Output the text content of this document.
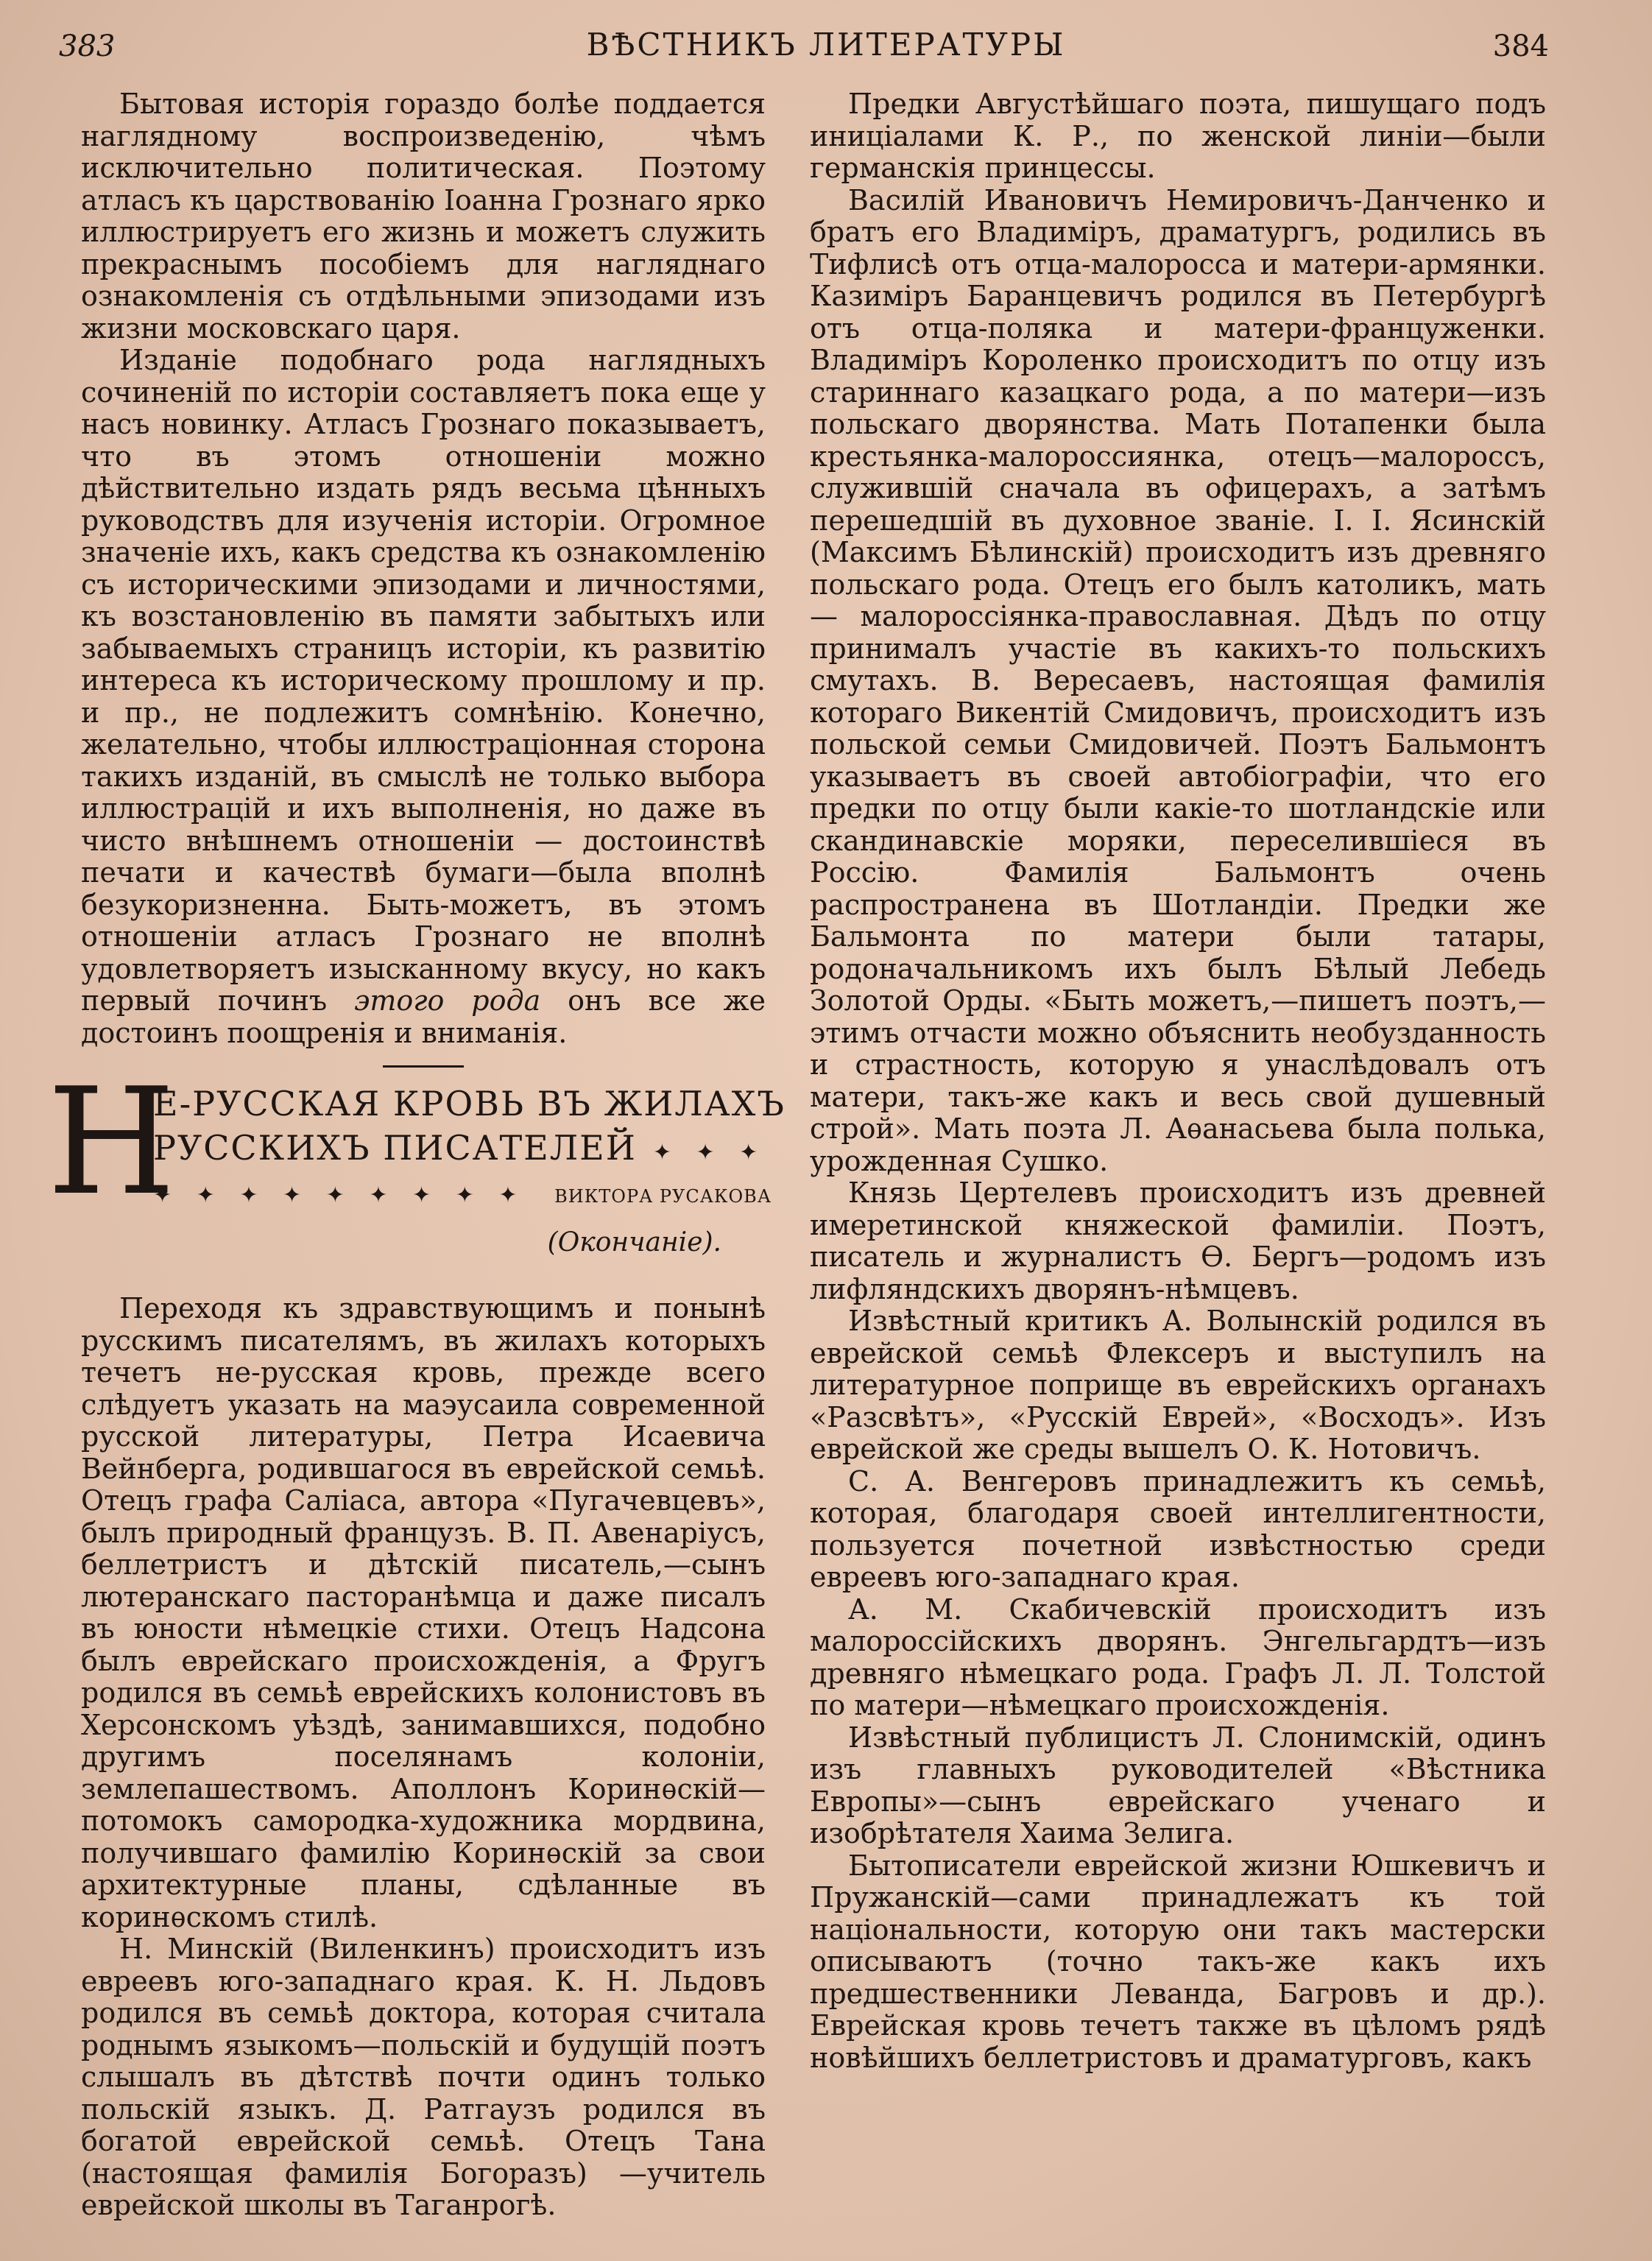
383	ВѢСТНИКЪ ЛИТЕРАТУРЫ	384

Бытовая исторія гораздо болѣе поддается наглядному воспроизведенію, чѣмъ исключительно политическая. Поэтому атласъ къ царствованію Іоанна Грознаго ярко иллюстрируетъ его жизнь и можетъ служить прекраснымъ пособіемъ для нагляднаго ознакомленія съ отдѣльными эпизодами изъ жизни московскаго царя.

Изданіе подобнаго рода наглядныхъ сочиненій по исторіи составляетъ пока еще у насъ новинку. Атласъ Грознаго показываетъ, что въ этомъ отношеніи можно дѣйствительно издать рядъ весьма цѣнныхъ руководствъ для изученія исторіи. Огромное значеніе ихъ, какъ средства къ ознакомленію съ историческими эпизодами и личностями, къ возстановленію въ памяти забытыхъ или забываемыхъ страницъ исторіи, къ развитію интереса къ историческому прошлому и пр. и пр., не подлежитъ сомнѣнію. Конечно, желательно, чтобы иллюстраціонная сторона такихъ изданій, въ смыслѣ не только выбора иллюстрацій и ихъ выполненія, но даже въ чисто внѣшнемъ отношеніи — достоинствѣ печати и качествѣ бумаги—была вполнѣ безукоризненна. Быть-можетъ, въ этомъ отношеніи атласъ Грознаго не вполнѣ удовлетворяетъ изысканному вкусу, но какъ первый починъ этого рода онъ все же достоинъ поощренія и вниманія.

Н
Е-РУССКАЯ КРОВЬ ВЪ ЖИЛАХЪ
РУССКИХЪ ПИСАТЕЛЕЙ ✦ ✦ ✦
✦ ✦ ✦ ✦ ✦ ✦ ✦ ✦ ✦	ВИКТОРА РУСАКОВА
(Окончаніе).

Переходя къ здравствующимъ и понынѣ русскимъ писателямъ, въ жилахъ которыхъ течетъ не-русская кровь, прежде всего слѣдуетъ указать на маэусаила современной русской литературы, Петра Исаевича Вейнберга, родившагося въ еврейской семьѣ. Отецъ графа Саліаса, автора «Пугачевцевъ», былъ природный французъ. В. П. Авенаріусъ, беллетристъ и дѣтскій писатель,—сынъ лютеранскаго пасторанѣмца и даже писалъ въ юности нѣмецкіе стихи. Отецъ Надсона былъ еврейскаго происхожденія, а Фругъ родился въ семьѣ еврейскихъ колонистовъ въ Херсонскомъ уѣздѣ, занимавшихся, подобно другимъ поселянамъ колоніи, землепашествомъ. Аполлонъ Коринѳскій—потомокъ самородка-художника мордвина, получившаго фамилію Коринѳскій за свои архитектурные планы, сдѣланные въ коринѳскомъ стилѣ.

Н. Минскій (Виленкинъ) происходитъ изъ евреевъ юго-западнаго края. К. Н. Льдовъ родился въ семьѣ доктора, которая считала роднымъ языкомъ—польскій и будущій поэтъ слышалъ въ дѣтствѣ почти одинъ только польскій языкъ. Д. Ратгаузъ родился въ богатой еврейской семьѣ. Отецъ Тана (настоящая фамилія Богоразъ) —учитель еврейской школы въ Таганрогѣ.

Предки Августѣйшаго поэта, пишущаго подъ иниціалами К. Р., по женской линіи—были германскія принцессы.

Василій Ивановичъ Немировичъ-Данченко и братъ его Владиміръ, драматургъ, родились въ Тифлисѣ отъ отца-малоросса и матери-армянки. Казиміръ Баранцевичъ родился въ Петербургѣ отъ отца-поляка и матери-француженки. Владиміръ Короленко происходитъ по отцу изъ стариннаго казацкаго рода, а по матери—изъ польскаго дворянства. Мать Потапенки была крестьянка-малороссиянка, отецъ—малороссъ, служившій сначала въ офицерахъ, а затѣмъ перешедшій въ духовное званіе. І. І. Ясинскій (Максимъ Бѣлинскій) происходитъ изъ древняго польскаго рода. Отецъ его былъ католикъ, мать — малороссіянка-православная. Дѣдъ по отцу принималъ участіе въ какихъ-то польскихъ смутахъ. В. Вересаевъ, настоящая фамилія котораго Викентій Смидовичъ, происходитъ изъ польской семьи Смидовичей. Поэтъ Бальмонтъ указываетъ въ своей автобіографіи, что его предки по отцу были какіе-то шотландскіе или скандинавскіе моряки, переселившіеся въ Россію. Фамилія Бальмонтъ очень распространена въ Шотландіи. Предки же Бальмонта по матери были татары, родоначальникомъ ихъ былъ Бѣлый Лебедь Золотой Орды. «Быть можетъ,—пишетъ поэтъ,—этимъ отчасти можно объяснить необузданность и страстность, которую я унаслѣдовалъ отъ матери, такъ-же какъ и весь свой душевный строй». Мать поэта Л. Аѳанасьева была полька, урожденная Сушко.

Князь Цертелевъ происходитъ изъ древней имеретинской княжеской фамиліи. Поэтъ, писатель и журналистъ Ѳ. Бергъ—родомъ изъ лифляндскихъ дворянъ-нѣмцевъ.

Извѣстный критикъ А. Волынскій родился въ еврейской семьѣ Флексеръ и выступилъ на литературное поприще въ еврейскихъ органахъ «Разсвѣтъ», «Русскій Еврей», «Восходъ». Изъ еврейской же среды вышелъ О. К. Нотовичъ.

С. А. Венгеровъ принадлежитъ къ семьѣ, которая, благодаря своей интеллигентности, пользуется почетной извѣстностью среди евреевъ юго-западнаго края.

А. М. Скабичевскій происходитъ изъ малороссійскихъ дворянъ. Энгельгардтъ—изъ древняго нѣмецкаго рода. Графъ Л. Л. Толстой по матери—нѣмецкаго происхожденія.

Извѣстный публицистъ Л. Слонимскій, одинъ изъ главныхъ руководителей «Вѣстника Европы»—сынъ еврейскаго ученаго и изобрѣтателя Хаима Зелига.

Бытописатели еврейской жизни Юшкевичъ и Пружанскій—сами принадлежатъ къ той національности, которую они такъ мастерски описываютъ (точно такъ-же какъ ихъ предшественники Леванда, Багровъ и др.). Еврейская кровь течетъ также въ цѣломъ рядѣ новѣйшихъ беллетристовъ и драматурговъ, какъ
